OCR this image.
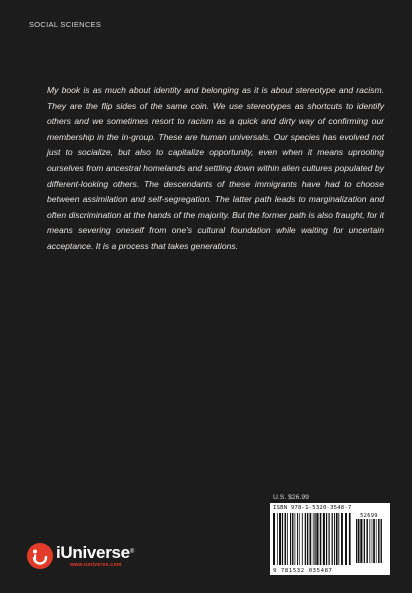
SOCIAL SCIENCES

My book is as much about identity and belonging as it is about stereotype and racism. They are the flip sides of the same coin. We use stereotypes as shortcuts to identify others and we sometimes resort to racism as a quick and dirty way of confirming our membership in the in-group. These are human universals. Our species has evolved not just to socialize, but also to capitalize opportunity, even when it means uprooting ourselves from ancestral homelands and settling down within alien cultures populated by different-looking others. The descendants of these immigrants have had to choose between assimilation and self-segregation. The latter path leads to marginalization and often discrimination at the hands of the majority. But the former path is also fraught, for it means severing oneself from one's cultural foundation while waiting for uncertain acceptance. It is a process that takes generations.

U.S. $26.99
ISBN 978-1-5320-3548-7
52699
9 781532 035487
iUniverse®
www.iuniverse.com
